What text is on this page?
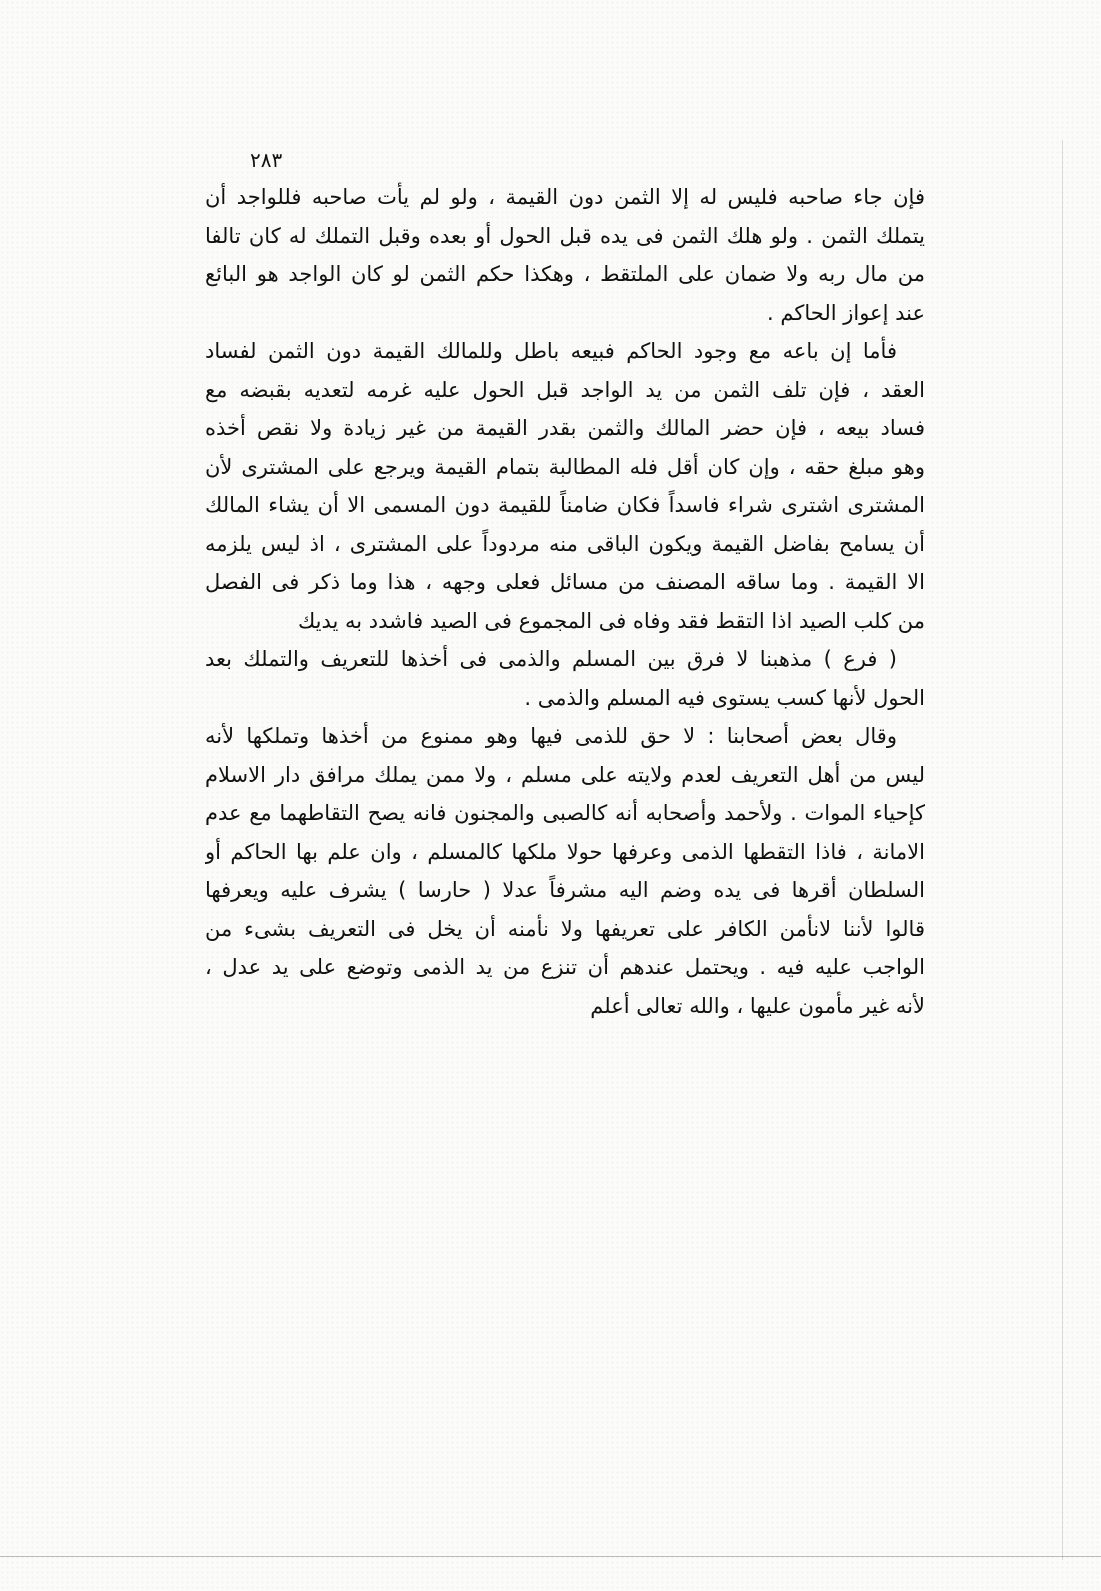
٢٨٣
فإن جاء صاحبه فليس له إلا الثمن دون القيمة ، ولو لم يأت صاحبه فللواجد أن
يتملك الثمن . ولو هلك الثمن فى يده قبل الحول أو بعده وقبل التملك له كان تالفا
من مال ربه ولا ضمان على الملتقط ، وهكذا حكم الثمن لو كان الواجد هو البائع
عند إعواز الحاكم .
فأما إن باعه مع وجود الحاكم فبيعه باطل وللمالك القيمة دون الثمن لفساد
العقد ، فإن تلف الثمن من يد الواجد قبل الحول عليه غرمه لتعديه بقبضه مع
فساد بيعه ، فإن حضر المالك والثمن بقدر القيمة من غير زيادة ولا نقص أخذه
وهو مبلغ حقه ، وإن كان أقل فله المطالبة بتمام القيمة ويرجع على المشترى لأن
المشترى اشترى شراء فاسداً فكان ضامناً للقيمة دون المسمى الا أن يشاء المالك
أن يسامح بفاضل القيمة ويكون الباقى منه مردوداً على المشترى ، اذ ليس يلزمه
الا القيمة . وما ساقه المصنف من مسائل فعلى وجهه ، هذا وما ذكر فى الفصل
من كلب الصيد اذا التقط فقد وفاه فى المجموع فى الصيد فاشدد به يديك
( فرع ) مذهبنا لا فرق بين المسلم والذمى فى أخذها للتعريف والتملك بعد
الحول لأنها كسب يستوى فيه المسلم والذمى .
وقال بعض أصحابنا : لا حق للذمى فيها وهو ممنوع من أخذها وتملكها لأنه
ليس من أهل التعريف لعدم ولايته على مسلم ، ولا ممن يملك مرافق دار الاسلام
كإحياء الموات . ولأحمد وأصحابه أنه كالصبى والمجنون فانه يصح التقاطهما مع عدم
الامانة ، فاذا التقطها الذمى وعرفها حولا ملكها كالمسلم ، وان علم بها الحاكم أو
السلطان أقرها فى يده وضم اليه مشرفاً عدلا ( حارسا ) يشرف عليه ويعرفها
قالوا لأننا لانأمن الكافر على تعريفها ولا نأمنه أن يخل فى التعريف بشىء من
الواجب عليه فيه . ويحتمل عندهم أن تنزع من يد الذمى وتوضع على يد عدل ،
لأنه غير مأمون عليها ، والله تعالى أعلم
